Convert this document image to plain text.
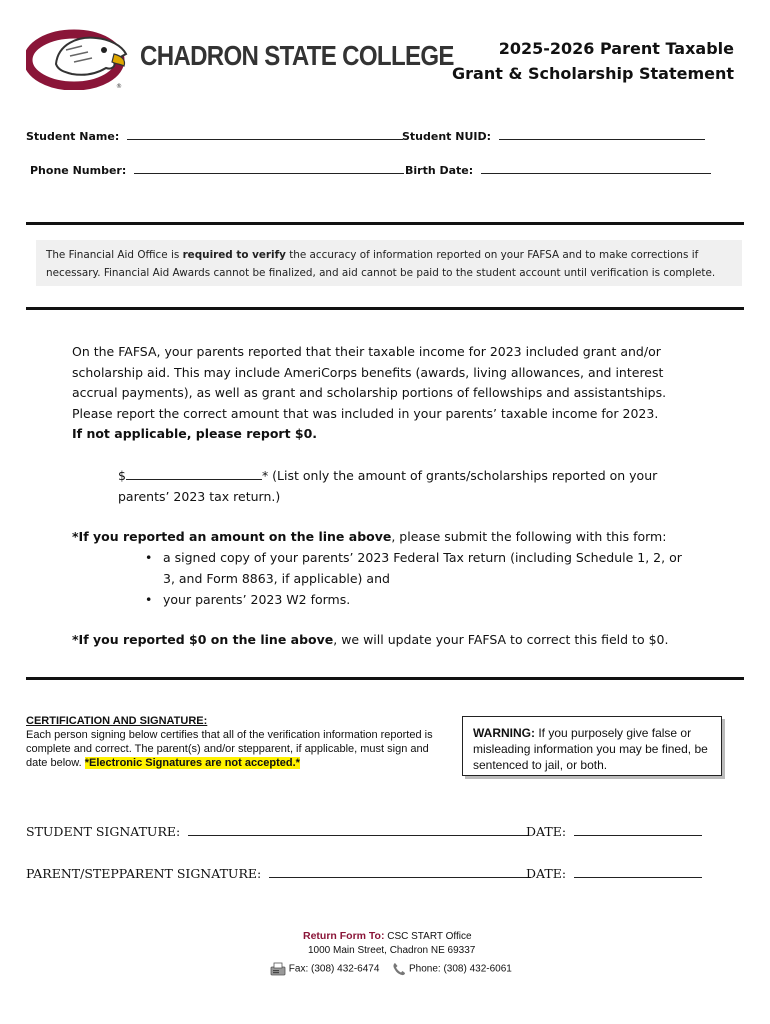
®
CHADRON STATE COLLEGE	2025-2026 Parent Taxable
Grant & Scholarship Statement
Student Name:	Student NUID:
Phone Number:	Birth Date:
The Financial Aid Office is required to verify the accuracy of information reported on your FAFSA and to make corrections if necessary. Financial Aid Awards cannot be finalized, and aid cannot be paid to the student account until verification is complete.
On the FAFSA, your parents reported that their taxable income for 2023 included grant and/or scholarship aid. This may include AmeriCorps benefits (awards, living allowances, and interest accrual payments), as well as grant and scholarship portions of fellowships and assistantships. Please report the correct amount that was included in your parents’ taxable income for 2023. If not applicable, please report $0.
$	* (List only the amount of grants/scholarships reported on your parents’ 2023 tax return.)
*If you reported an amount on the line above, please submit the following with this form:
• a signed copy of your parents’ 2023 Federal Tax return (including Schedule 1, 2, or 3, and Form 8863, if applicable) and
• your parents’ 2023 W2 forms.
*If you reported $0 on the line above, we will update your FAFSA to correct this field to $0.
CERTIFICATION AND SIGNATURE:
Each person signing below certifies that all of the verification information reported is complete and correct. The parent(s) and/or stepparent, if applicable, must sign and date below. *Electronic Signatures are not accepted.*
WARNING: If you purposely give false or misleading information you may be fined, be sentenced to jail, or both.
STUDENT SIGNATURE:	DATE:
PARENT/STEPPARENT SIGNATURE:	DATE:
Return Form To: CSC START Office
1000 Main Street, Chadron NE 69337
Fax: (308) 432-6474	Phone: (308) 432-6061
